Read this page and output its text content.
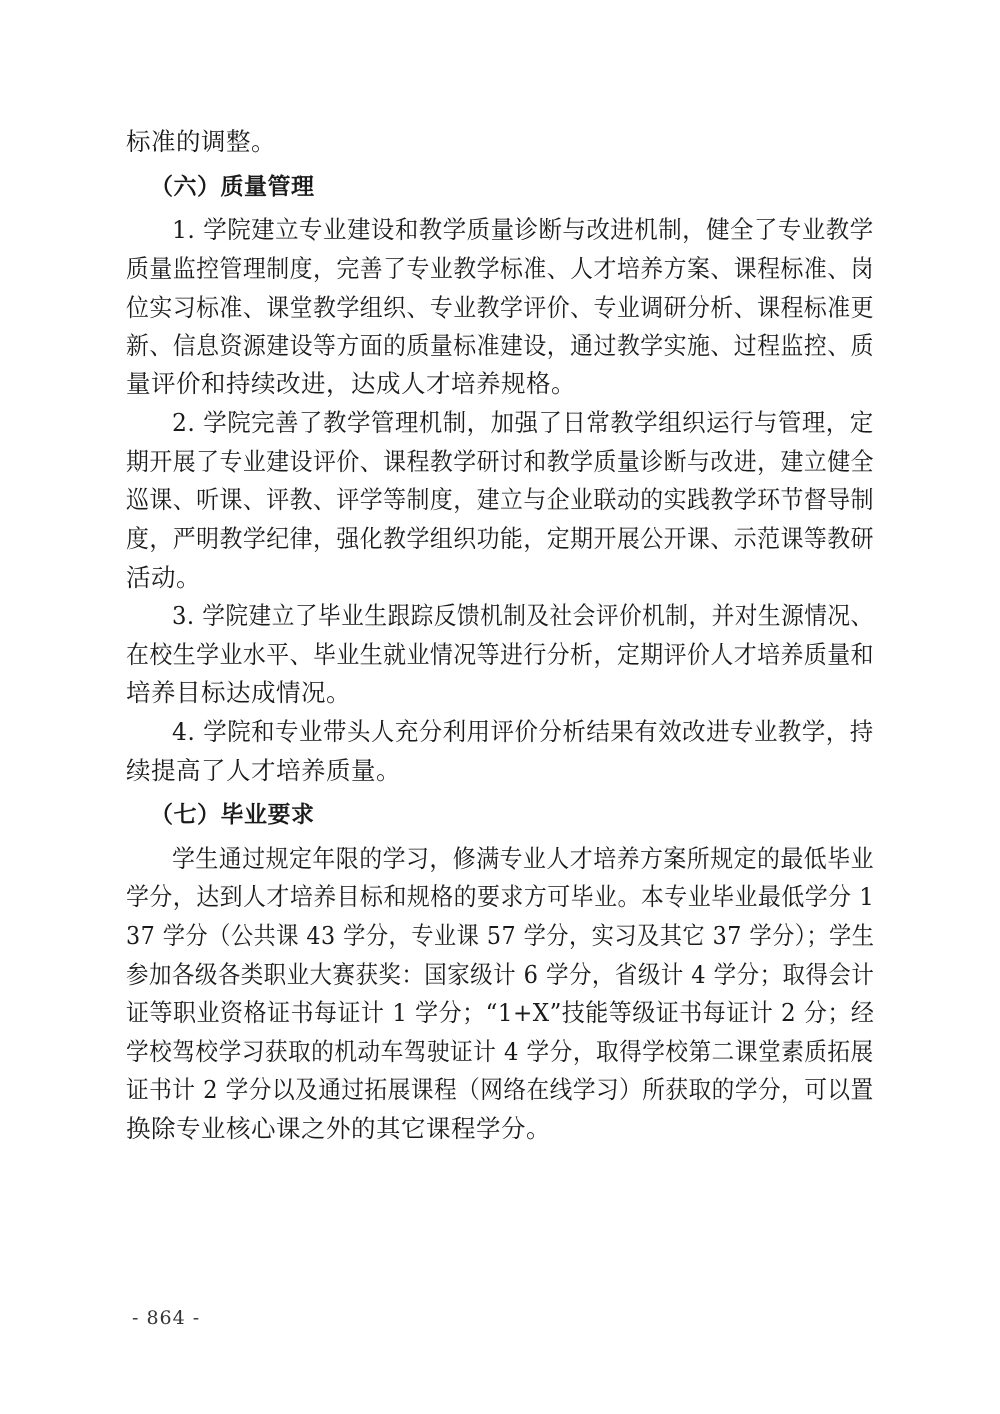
标准的调整。
（六）质量管理
1. 学院建立专业建设和教学质量诊断与改进机制，健全了专业教学
质量监控管理制度，完善了专业教学标准、人才培养方案、课程标准、岗
位实习标准、课堂教学组织、专业教学评价、专业调研分析、课程标准更
新、信息资源建设等方面的质量标准建设，通过教学实施、过程监控、质
量评价和持续改进，达成人才培养规格。
2. 学院完善了教学管理机制，加强了日常教学组织运行与管理，定
期开展了专业建设评价、课程教学研讨和教学质量诊断与改进，建立健全
巡课、听课、评教、评学等制度，建立与企业联动的实践教学环节督导制
度，严明教学纪律，强化教学组织功能，定期开展公开课、示范课等教研
活动。
3. 学院建立了毕业生跟踪反馈机制及社会评价机制，并对生源情况、
在校生学业水平、毕业生就业情况等进行分析，定期评价人才培养质量和
培养目标达成情况。
4. 学院和专业带头人充分利用评价分析结果有效改进专业教学，持
续提高了人才培养质量。
（七）毕业要求
学生通过规定年限的学习，修满专业人才培养方案所规定的最低毕业
学分，达到人才培养目标和规格的要求方可毕业。本专业毕业最低学分 1
37 学分（公共课 43 学分，专业课 57 学分，实习及其它 37 学分）；学生
参加各级各类职业大赛获奖：国家级计 6 学分，省级计 4 学分；取得会计
证等职业资格证书每证计 1 学分；“1+X”技能等级证书每证计 2 分；经
学校驾校学习获取的机动车驾驶证计 4 学分，取得学校第二课堂素质拓展
证书计 2 学分以及通过拓展课程（网络在线学习）所获取的学分，可以置
换除专业核心课之外的其它课程学分。
- 864 -
